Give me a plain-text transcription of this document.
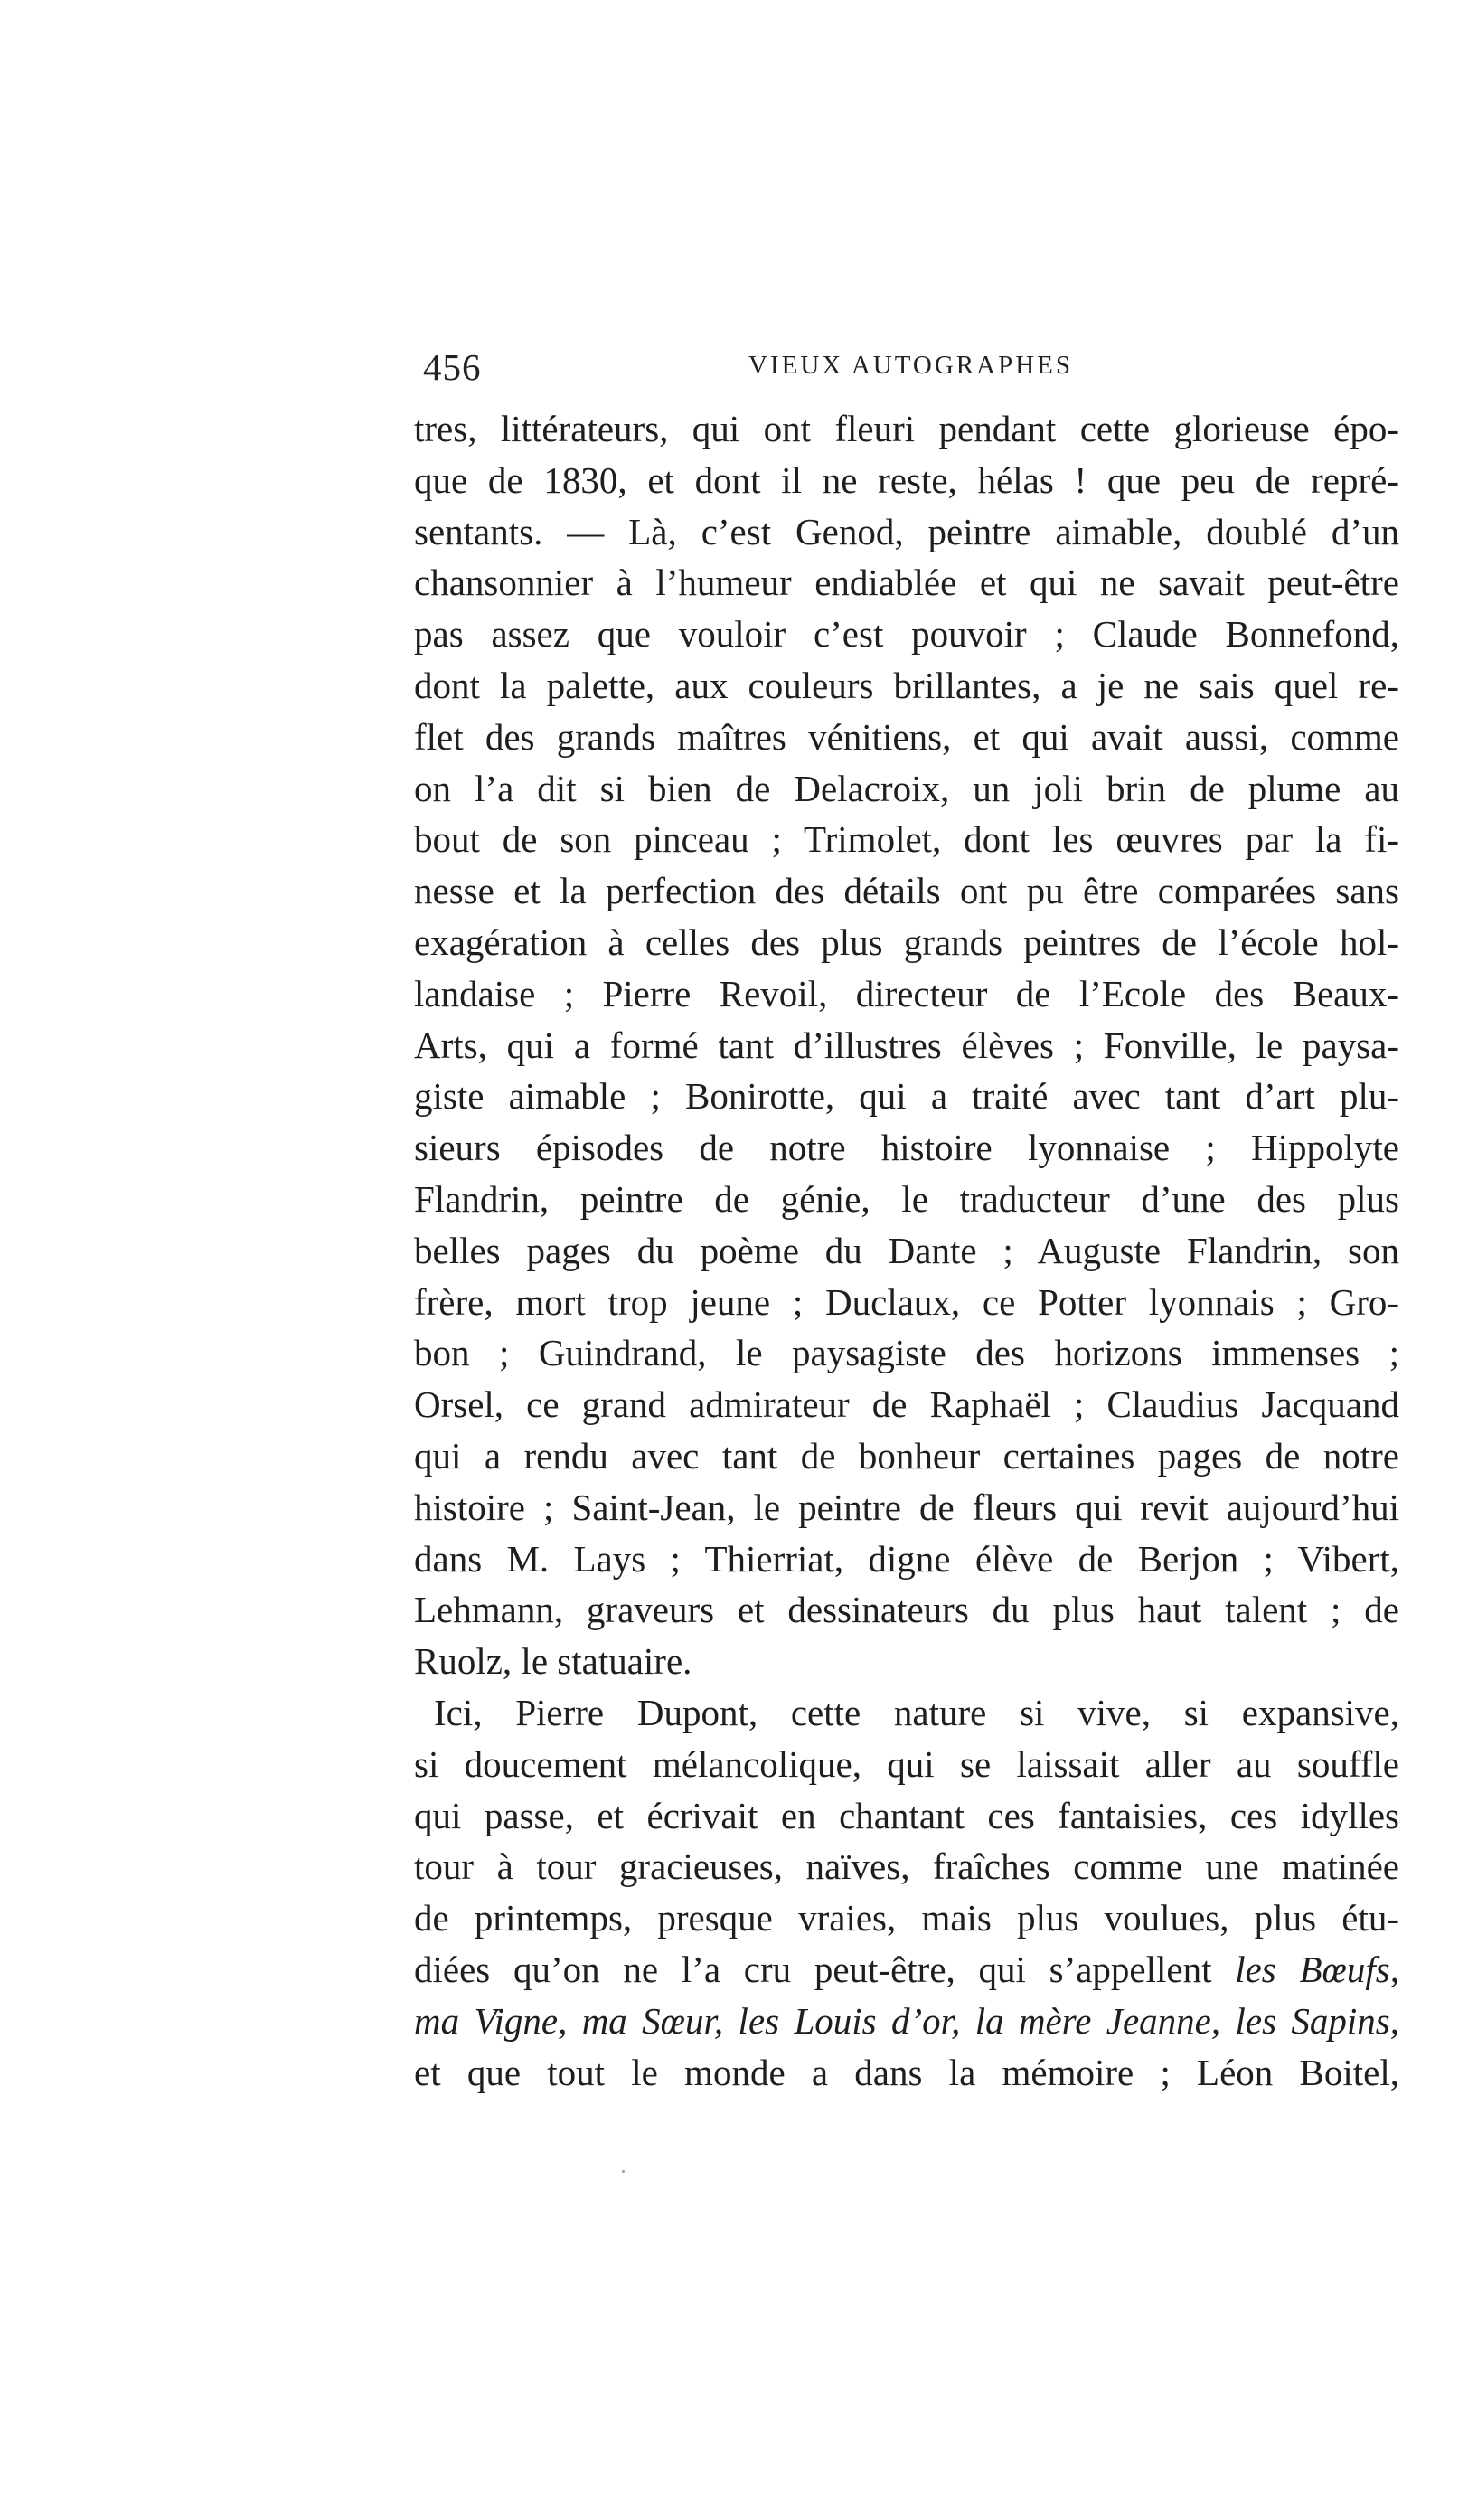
456	VIEUX AUTOGRAPHES
tres, littérateurs, qui ont fleuri pendant cette glorieuse épo-
que de 1830, et dont il ne reste, hélas ! que peu de repré-
sentants. — Là, c’est Genod, peintre aimable, doublé d’un
chansonnier à l’humeur endiablée et qui ne savait peut-être
pas assez que vouloir c’est pouvoir ; Claude Bonnefond,
dont la palette, aux couleurs brillantes, a je ne sais quel re-
flet des grands maîtres vénitiens, et qui avait aussi, comme
on l’a dit si bien de Delacroix, un joli brin de plume au
bout de son pinceau ; Trimolet, dont les œuvres par la fi-
nesse et la perfection des détails ont pu être comparées sans
exagération à celles des plus grands peintres de l’école hol-
landaise ; Pierre Revoil, directeur de l’Ecole des Beaux-
Arts, qui a formé tant d’illustres élèves ; Fonville, le paysa-
giste aimable ; Bonirotte, qui a traité avec tant d’art plu-
sieurs épisodes de notre histoire lyonnaise ; Hippolyte
Flandrin, peintre de génie, le traducteur d’une des plus
belles pages du poème du Dante ; Auguste Flandrin, son
frère, mort trop jeune ; Duclaux, ce Potter lyonnais ; Gro-
bon ; Guindrand, le paysagiste des horizons immenses ;
Orsel, ce grand admirateur de Raphaël ; Claudius Jacquand
qui a rendu avec tant de bonheur certaines pages de notre
histoire ; Saint-Jean, le peintre de fleurs qui revit aujourd’hui
dans M. Lays ; Thierriat, digne élève de Berjon ; Vibert,
Lehmann, graveurs et dessinateurs du plus haut talent ; de
Ruolz, le statuaire.
Ici, Pierre Dupont, cette nature si vive, si expansive,
si doucement mélancolique, qui se laissait aller au souffle
qui passe, et écrivait en chantant ces fantaisies, ces idylles
tour à tour gracieuses, naïves, fraîches comme une matinée
de printemps, presque vraies, mais plus voulues, plus étu-
diées qu’on ne l’a cru peut-être, qui s’appellent les Bœufs,
ma Vigne, ma Sœur, les Louis d’or, la mère Jeanne, les Sapins,
et que tout le monde a dans la mémoire ; Léon Boitel,
